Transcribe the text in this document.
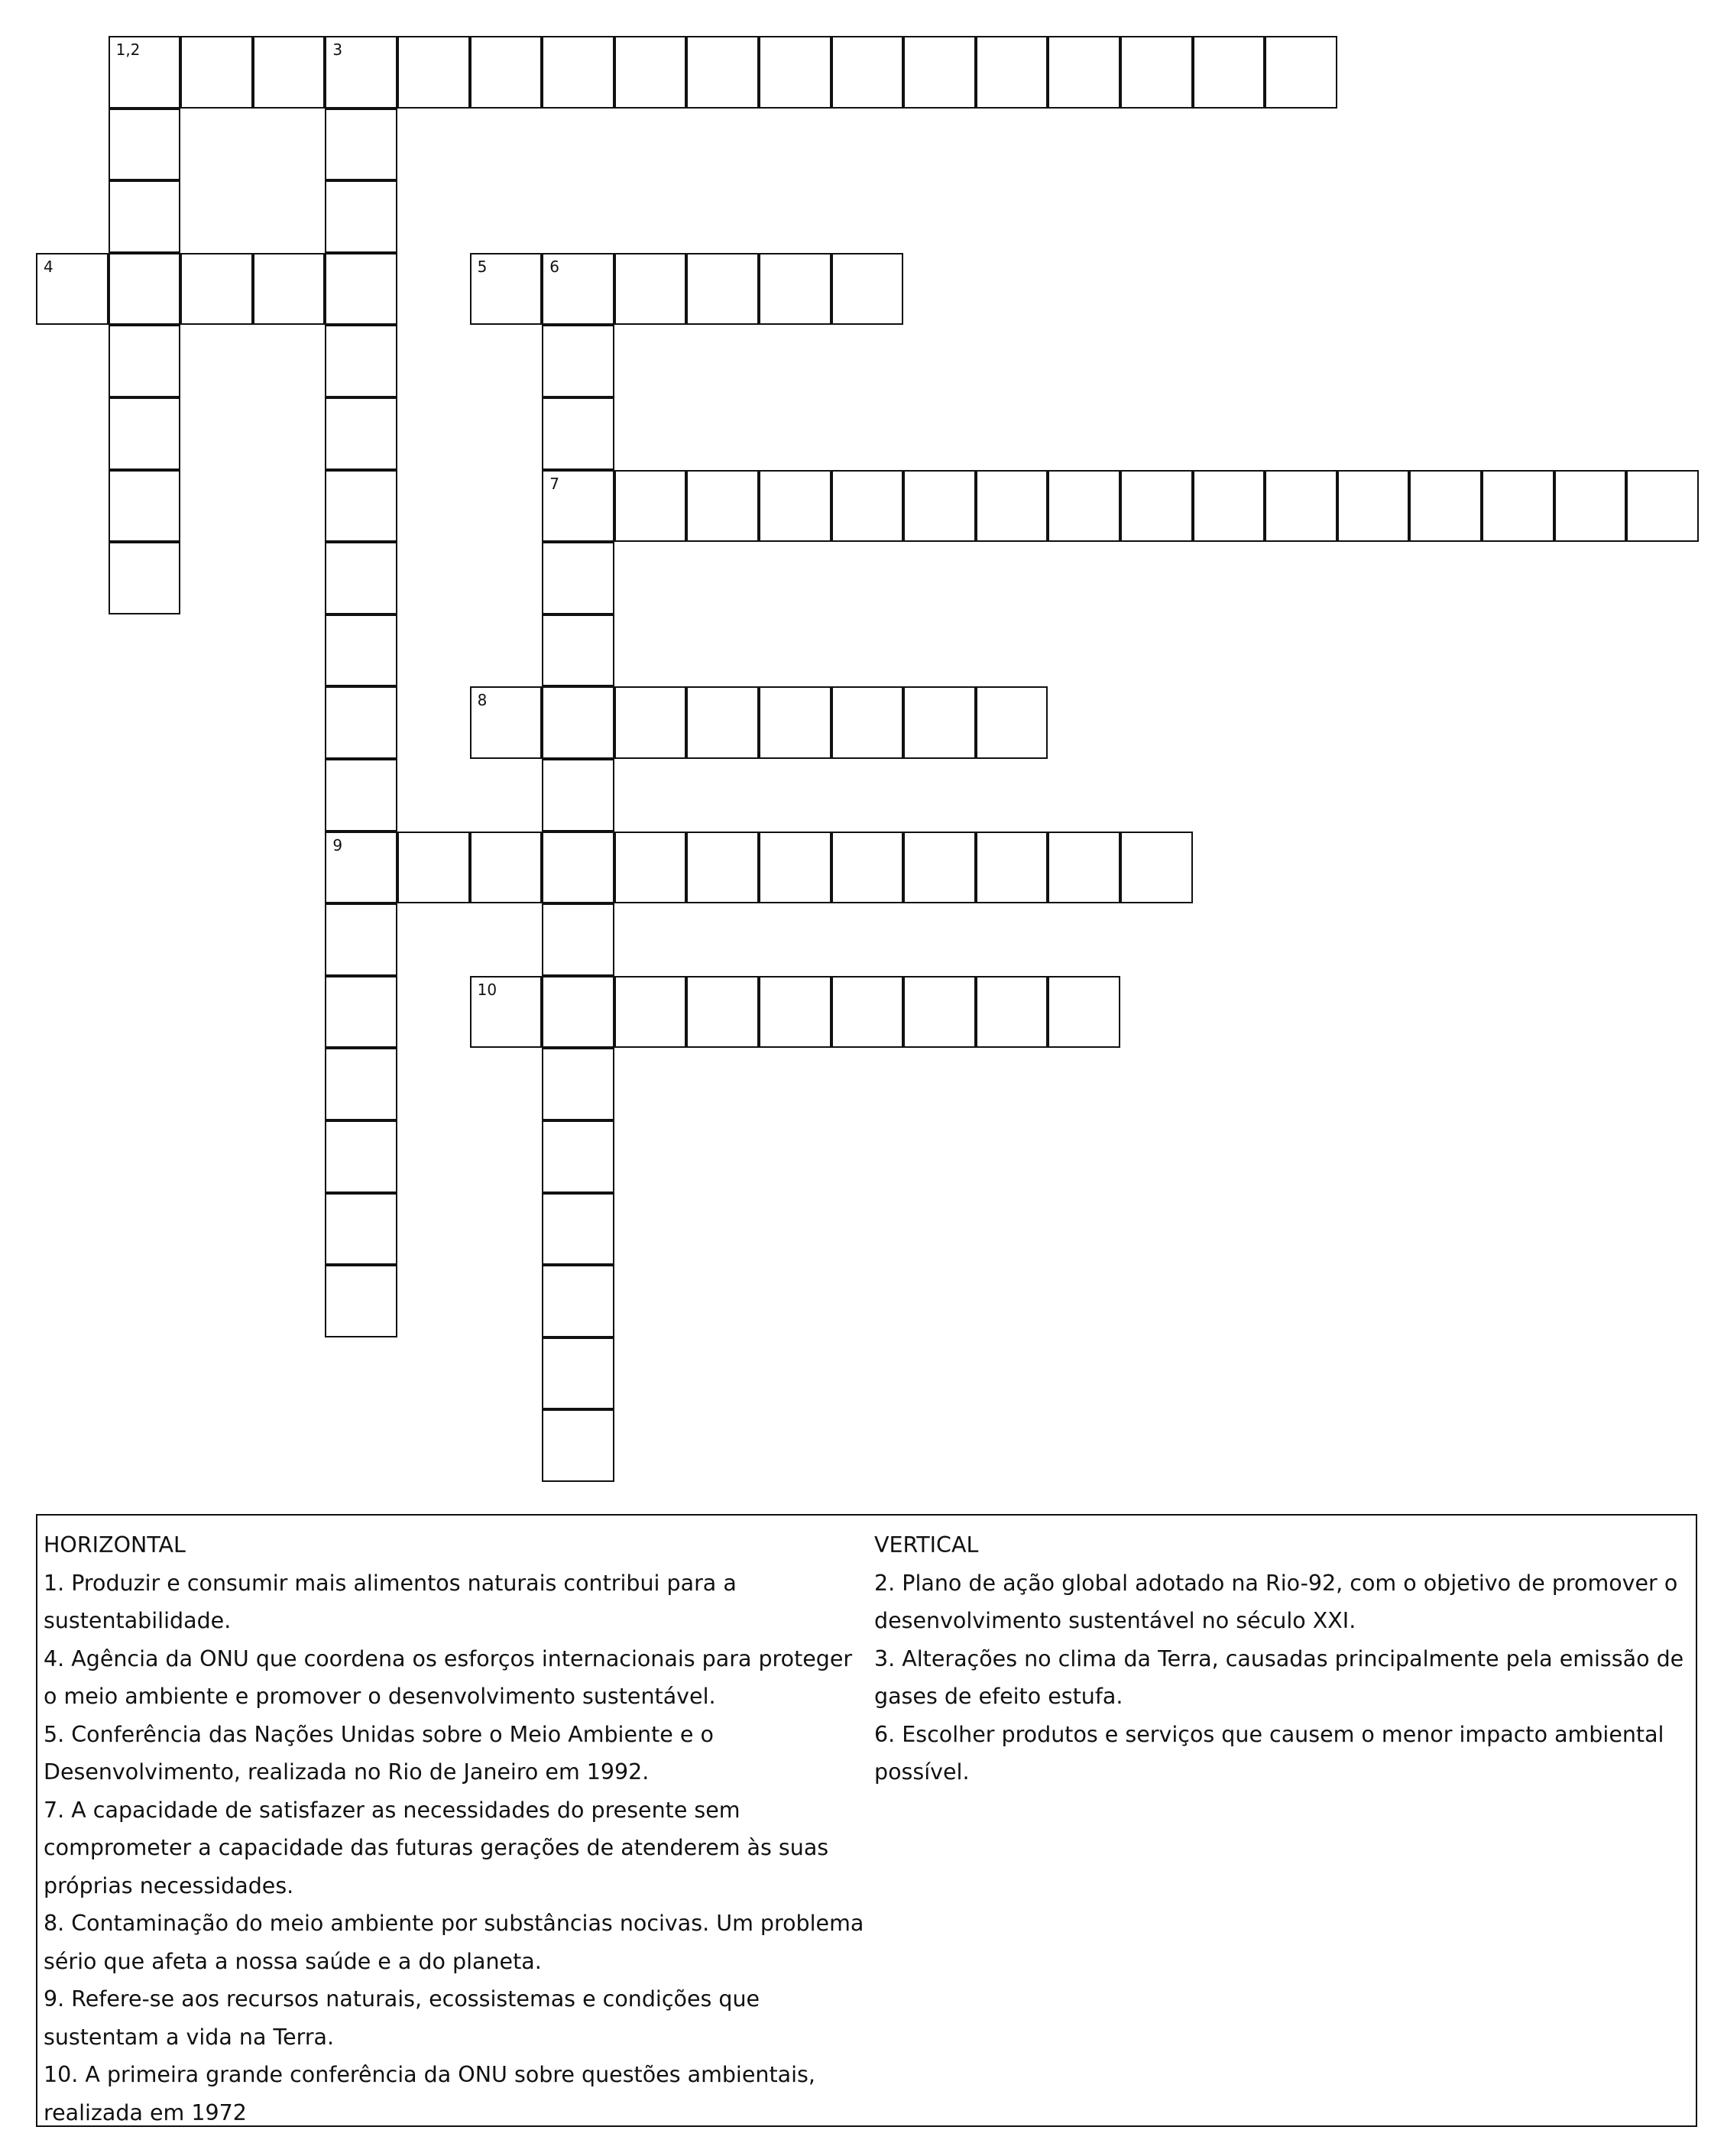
1,2	3
4	5	6
7
8
9
10

HORIZONTAL

1. Produzir e consumir mais alimentos naturais contribui para a sustentabilidade.

4. Agência da ONU que coordena os esforços internacionais para proteger o meio ambiente e promover o desenvolvimento sustentável.

5. Conferência das Nações Unidas sobre o Meio Ambiente e o Desenvolvimento, realizada no Rio de Janeiro em 1992.

7. A capacidade de satisfazer as necessidades do presente sem comprometer a capacidade das futuras gerações de atenderem às suas próprias necessidades.

8. Contaminação do meio ambiente por substâncias nocivas. Um problema sério que afeta a nossa saúde e a do planeta.

9. Refere-se aos recursos naturais, ecossistemas e condições que sustentam a vida na Terra.

10. A primeira grande conferência da ONU sobre questões ambientais, realizada em 1972

VERTICAL

2. Plano de ação global adotado na Rio-92, com o objetivo de promover o desenvolvimento sustentável no século XXI.

3. Alterações no clima da Terra, causadas principalmente pela emissão de gases de efeito estufa.

6. Escolher produtos e serviços que causem o menor impacto ambiental possível.
